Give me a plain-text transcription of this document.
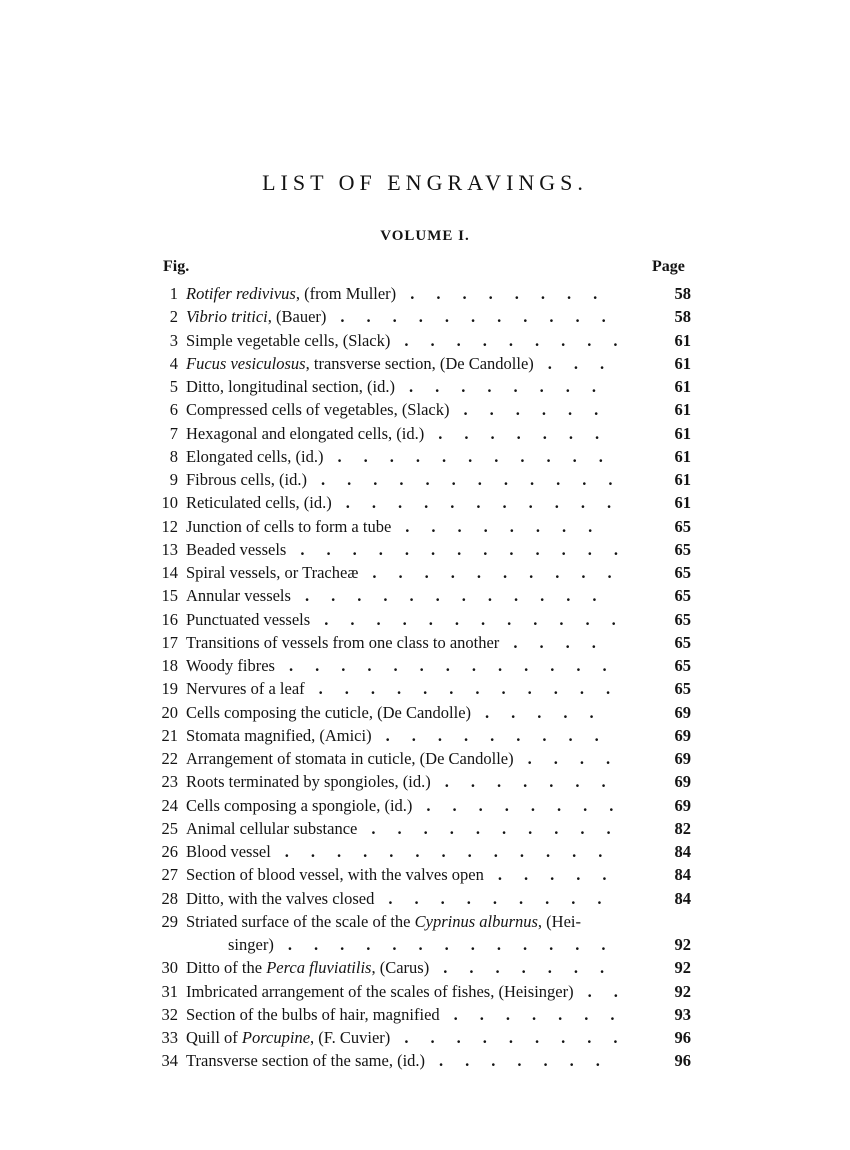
LIST OF ENGRAVINGS.
VOLUME I.
Fig.	Page
1 Rotifer redivivus, (from Muller) ........	58
2 Vibrio tritici, (Bauer) ...........	58
3 Simple vegetable cells, (Slack) .........	61
4 Fucus vesiculosus, transverse section, (De Candolle) ...	61
5 Ditto, longitudinal section, (id.) ........	61
6 Compressed cells of vegetables, (Slack) ......	61
7 Hexagonal and elongated cells, (id.) .......	61
8 Elongated cells, (id.) ...........	61
9 Fibrous cells, (id.) ............	61
10 Reticulated cells, (id.) ...........	61
12 Junction of cells to form a tube ........	65
13 Beaded vessels .............	65
14 Spiral vessels, or Tracheæ ..........	65
15 Annular vessels ............	65
16 Punctuated vessels ............	65
17 Transitions of vessels from one class to another ....	65
18 Woody fibres .............	65
19 Nervures of a leaf ............	65
20 Cells composing the cuticle, (De Candolle) .....	69
21 Stomata magnified, (Amici) .........	69
22 Arrangement of stomata in cuticle, (De Candolle) ....	69
23 Roots terminated by spongioles, (id.) .......	69
24 Cells composing a spongiole, (id.) ........	69
25 Animal cellular substance ..........	82
26 Blood vessel .............	84
27 Section of blood vessel, with the valves open .....	84
28 Ditto, with the valves closed .........	84
29 Striated surface of the scale of the Cyprinus alburnus, (Hei-
singer) .............	92
30 Ditto of the Perca fluviatilis, (Carus) .......	92
31 Imbricated arrangement of the scales of fishes, (Heisinger) ..	92
32 Section of the bulbs of hair, magnified .......	93
33 Quill of Porcupine, (F. Cuvier) .........	96
34 Transverse section of the same, (id.) .......	96
